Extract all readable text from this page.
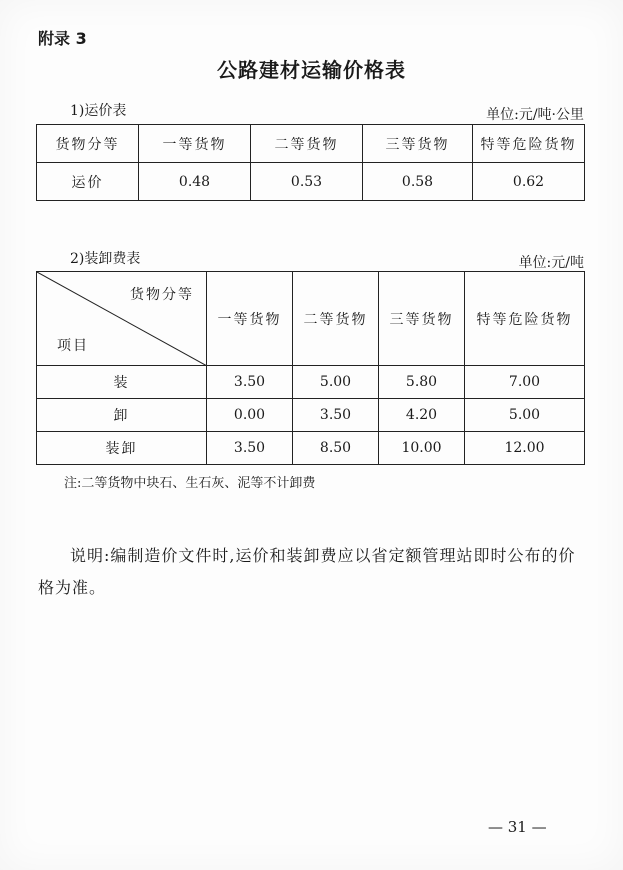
附录 3
公路建材运输价格表
1)运价表	单位:元/吨·公里
货物分等	一等货物	二等货物	三等货物	特等危险货物
运价	0.48	0.53	0.58	0.62
2)装卸费表	单位:元/吨
货物分等
项目	一等货物	二等货物	三等货物	特等危险货物
装	3.50	5.00	5.80	7.00
卸	0.00	3.50	4.20	5.00
装卸	3.50	8.50	10.00	12.00
注:二等货物中块石、生石灰、泥等不计卸费
说明:编制造价文件时,运价和装卸费应以省定额管理站即时公布的价格为准。
— 31 —
